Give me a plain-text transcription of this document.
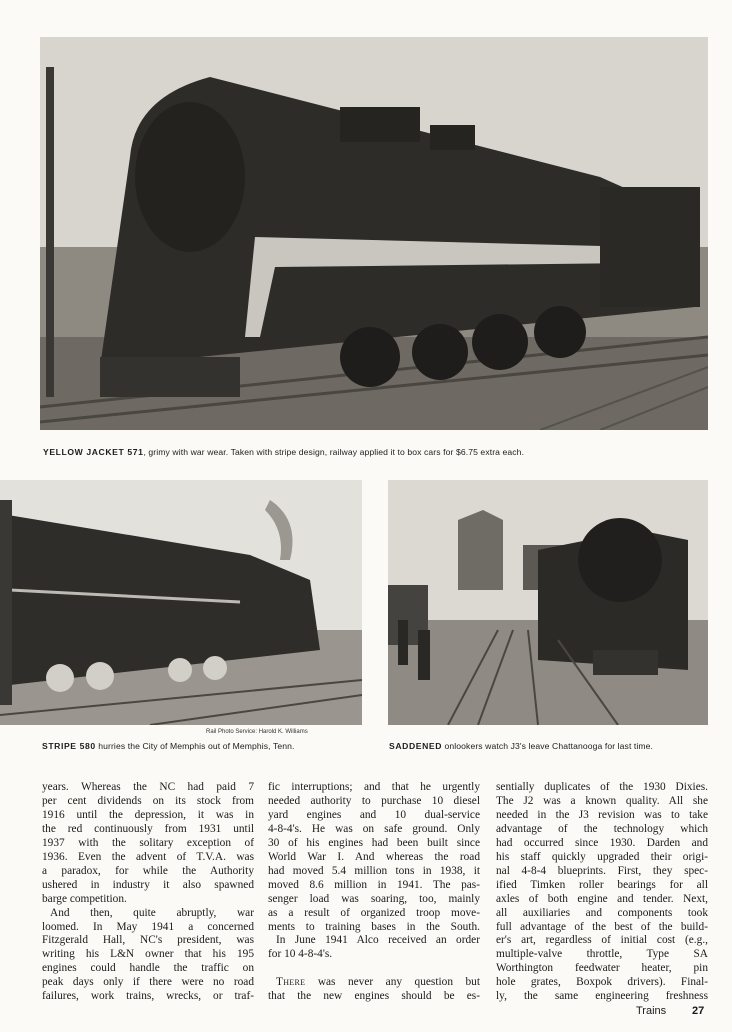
YELLOW JACKET 571, grimy with war wear. Taken with stripe design, railway applied it to box cars for $6.75 extra each.
Rail Photo Service: Harold K. Williams
STRIPE 580 hurries the City of Memphis out of Memphis, Tenn.	SADDENED onlookers watch J3's leave Chattanooga for last time.

years. Whereas the NC had paid 7

per cent dividends on its stock from

1916 until the depression, it was in

the red continuously from 1931 until

1937 with the solitary exception of

1936. Even the advent of T.V.A. was

a paradox, for while the Authority

ushered in industry it also spawned

barge competition.

And then, quite abruptly, war

loomed. In May 1941 a concerned

Fitzgerald Hall, NC's president, was

writing his L&N owner that his 195

engines could handle the traffic on

peak days only if there were no road

failures, work trains, wrecks, or traf-

fic interruptions; and that he urgently

needed authority to purchase 10 diesel

yard engines and 10 dual-service

4-8-4's. He was on safe ground. Only

30 of his engines had been built since

World War I. And whereas the road

had moved 5.4 million tons in 1938, it

moved 8.6 million in 1941. The pas-

senger load was soaring, too, mainly

as a result of organized troop move-

ments to training bases in the South.

In June 1941 Alco received an order

for 10 4-8-4's.

There was never any question but

that the new engines should be es-

sentially duplicates of the 1930 Dixies.

The J2 was a known quality. All she

needed in the J3 revision was to take

advantage of the technology which

had occurred since 1930. Darden and

his staff quickly upgraded their origi-

nal 4-8-4 blueprints. First, they spec-

ified Timken roller bearings for all

axles of both engine and tender. Next,

all auxiliaries and components took

full advantage of the best of the build-

er's art, regardless of initial cost (e.g.,

multiple-valve throttle, Type SA

Worthington feedwater heater, pin

hole grates, Boxpok drivers). Final-

ly, the same engineering freshness

Trains 27
